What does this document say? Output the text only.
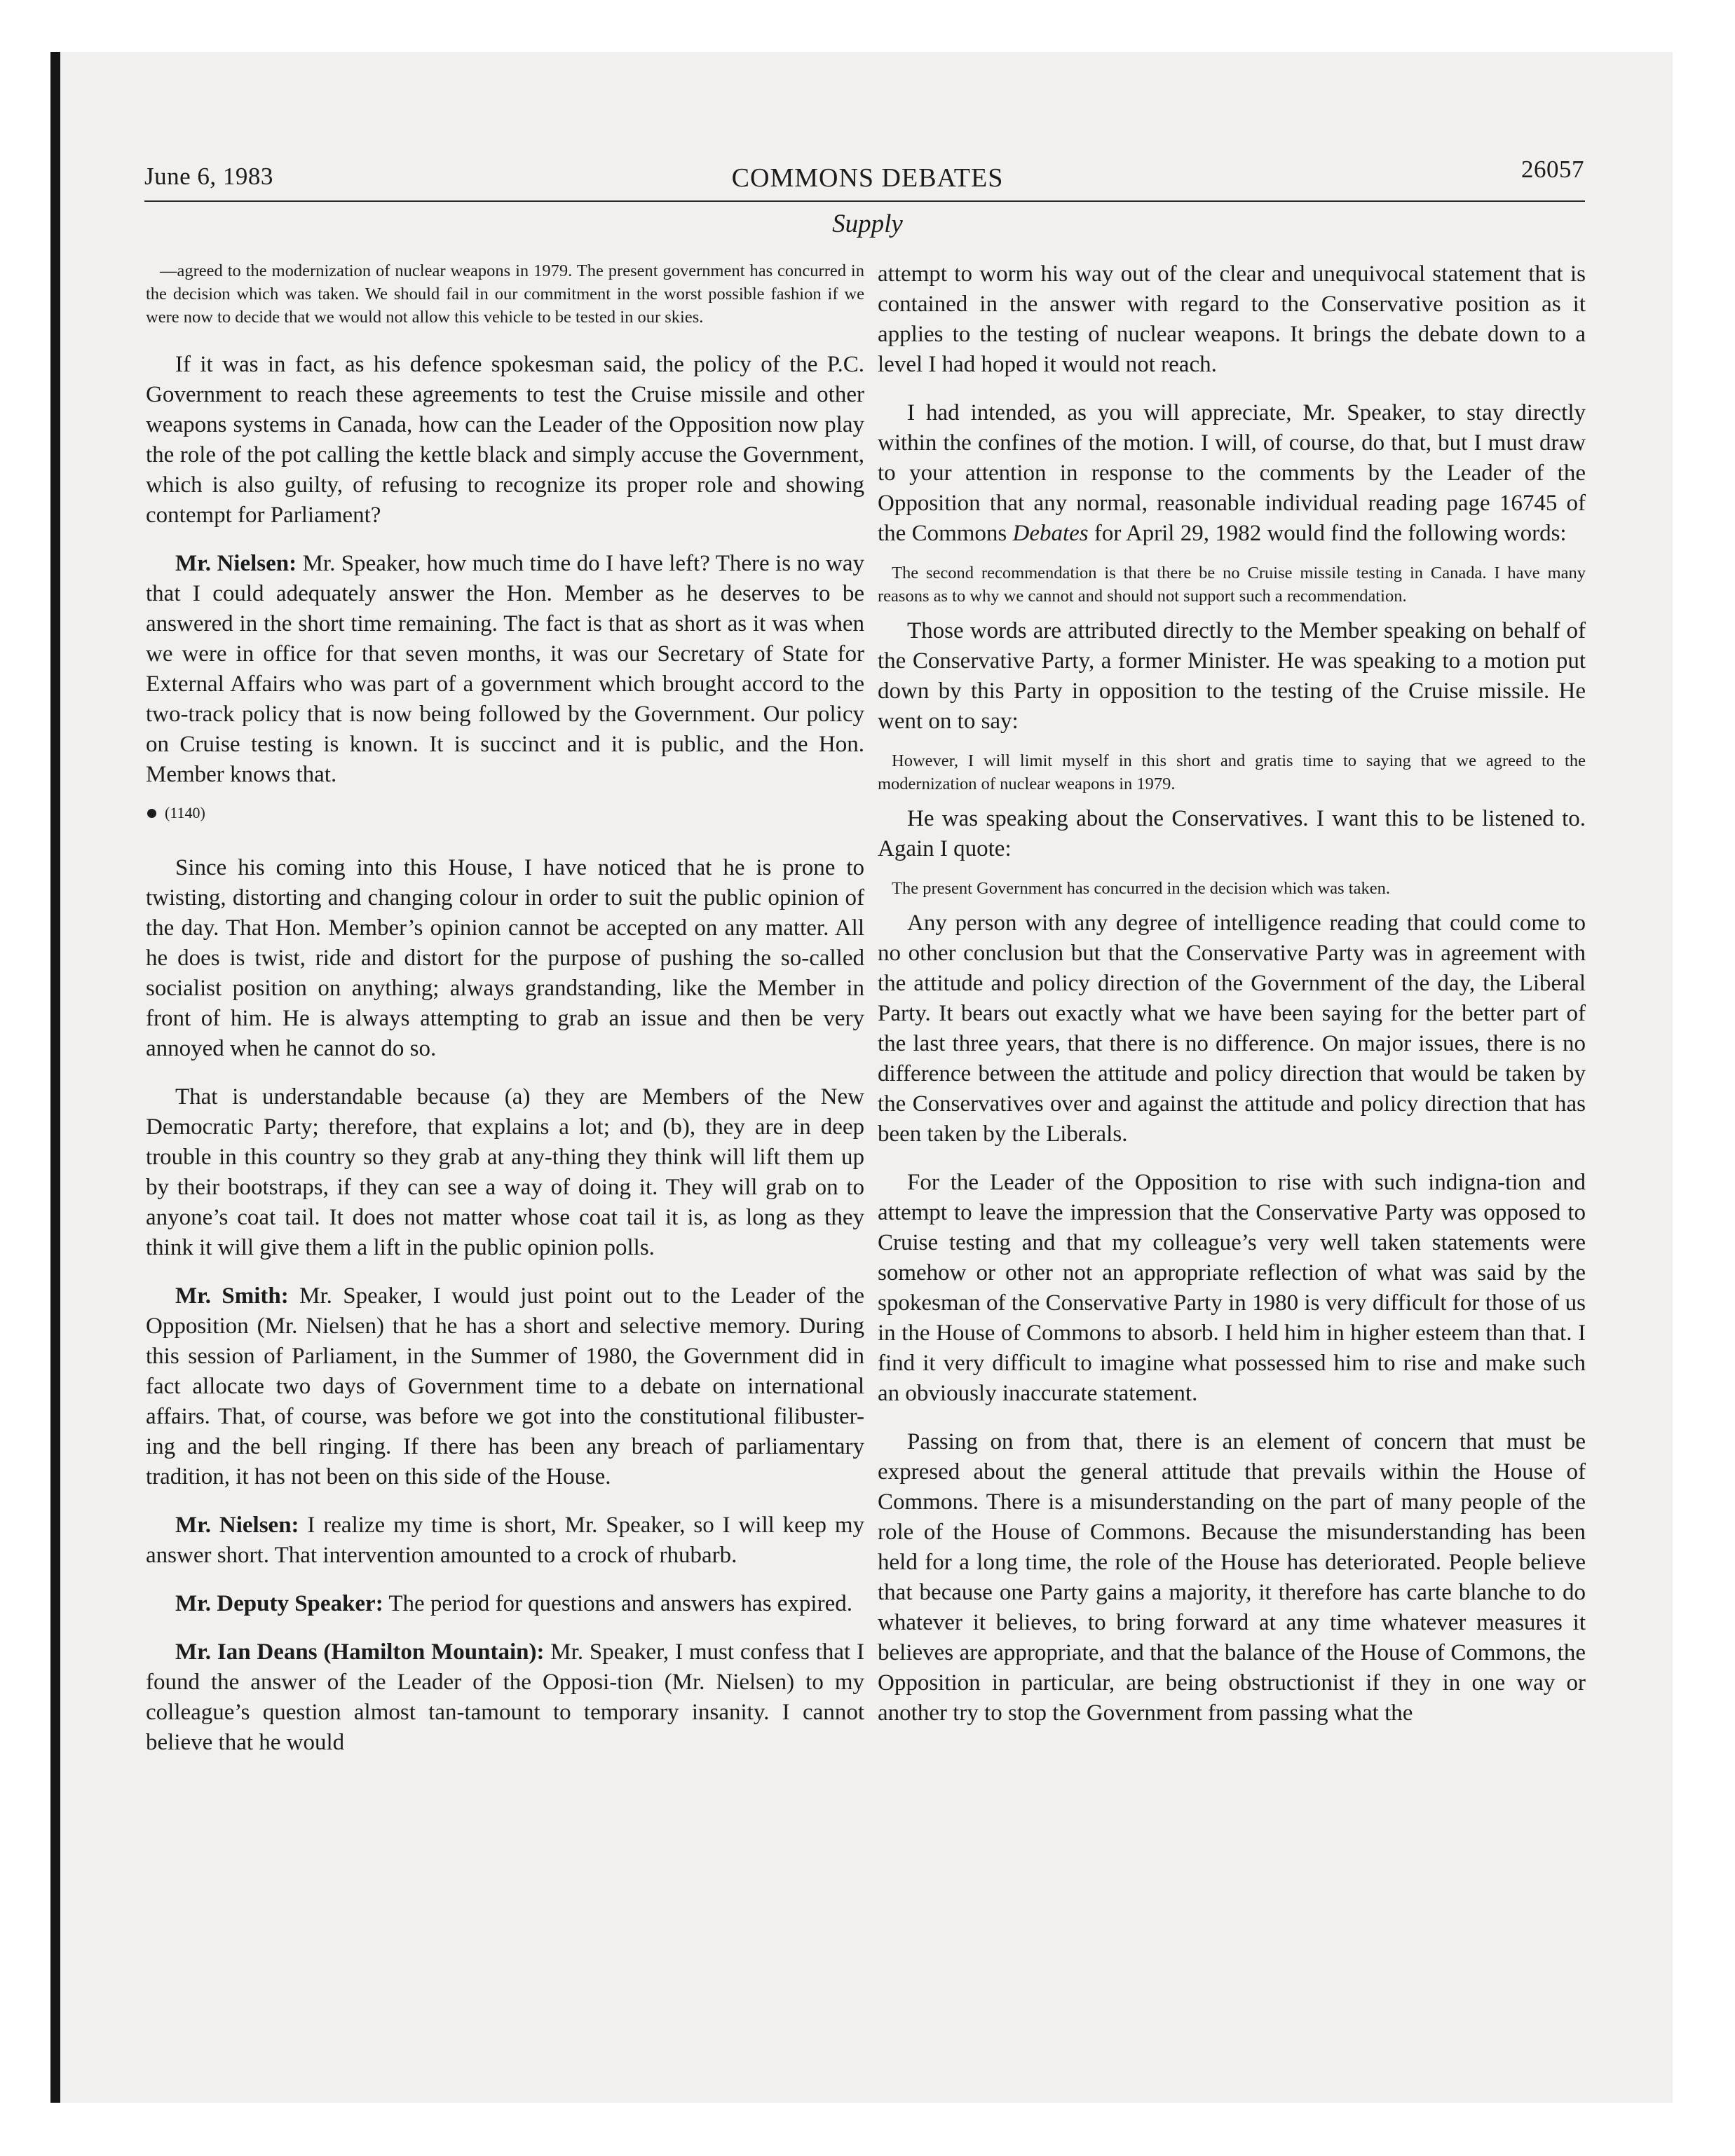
June 6, 1983	COMMONS DEBATES	26057
Supply

—agreed to the modernization of nuclear weapons in 1979. The present government has concurred in the decision which was taken. We should fail in our commitment in the worst possible fashion if we were now to decide that we would not allow this vehicle to be tested in our skies.

If it was in fact, as his defence spokesman said, the policy of the P.C. Government to reach these agreements to test the Cruise missile and other weapons systems in Canada, how can the Leader of the Opposition now play the role of the pot calling the kettle black and simply accuse the Government, which is also guilty, of refusing to recognize its proper role and showing contempt for Parliament?

Mr. Nielsen: Mr. Speaker, how much time do I have left? There is no way that I could adequately answer the Hon. Member as he deserves to be answered in the short time remaining. The fact is that as short as it was when we were in office for that seven months, it was our Secretary of State for External Affairs who was part of a government which brought accord to the two-track policy that is now being followed by the Government. Our policy on Cruise testing is known. It is succinct and it is public, and the Hon. Member knows that.

(1140)

Since his coming into this House, I have noticed that he is prone to twisting, distorting and changing colour in order to suit the public opinion of the day. That Hon. Member’s opinion cannot be accepted on any matter. All he does is twist, ride and distort for the purpose of pushing the so-called socialist position on anything; always grandstanding, like the Member in front of him. He is always attempting to grab an issue and then be very annoyed when he cannot do so.

That is understandable because (a) they are Members of the New Democratic Party; therefore, that explains a lot; and (b), they are in deep trouble in this country so they grab at any-thing they think will lift them up by their bootstraps, if they can see a way of doing it. They will grab on to anyone’s coat tail. It does not matter whose coat tail it is, as long as they think it will give them a lift in the public opinion polls.

Mr. Smith: Mr. Speaker, I would just point out to the Leader of the Opposition (Mr. Nielsen) that he has a short and selective memory. During this session of Parliament, in the Summer of 1980, the Government did in fact allocate two days of Government time to a debate on international affairs. That, of course, was before we got into the constitutional filibuster-ing and the bell ringing. If there has been any breach of parliamentary tradition, it has not been on this side of the House.

Mr. Nielsen: I realize my time is short, Mr. Speaker, so I will keep my answer short. That intervention amounted to a crock of rhubarb.

Mr. Deputy Speaker: The period for questions and answers has expired.

Mr. Ian Deans (Hamilton Mountain): Mr. Speaker, I must confess that I found the answer of the Leader of the Opposi-tion (Mr. Nielsen) to my colleague’s question almost tan-tamount to temporary insanity. I cannot believe that he would

attempt to worm his way out of the clear and unequivocal statement that is contained in the answer with regard to the Conservative position as it applies to the testing of nuclear weapons. It brings the debate down to a level I had hoped it would not reach.

I had intended, as you will appreciate, Mr. Speaker, to stay directly within the confines of the motion. I will, of course, do that, but I must draw to your attention in response to the comments by the Leader of the Opposition that any normal, reasonable individual reading page 16745 of the Commons Debates for April 29, 1982 would find the following words:

The second recommendation is that there be no Cruise missile testing in Canada. I have many reasons as to why we cannot and should not support such a recommendation.

Those words are attributed directly to the Member speaking on behalf of the Conservative Party, a former Minister. He was speaking to a motion put down by this Party in opposition to the testing of the Cruise missile. He went on to say:

However, I will limit myself in this short and gratis time to saying that we agreed to the modernization of nuclear weapons in 1979.

He was speaking about the Conservatives. I want this to be listened to. Again I quote:

The present Government has concurred in the decision which was taken.

Any person with any degree of intelligence reading that could come to no other conclusion but that the Conservative Party was in agreement with the attitude and policy direction of the Government of the day, the Liberal Party. It bears out exactly what we have been saying for the better part of the last three years, that there is no difference. On major issues, there is no difference between the attitude and policy direction that would be taken by the Conservatives over and against the attitude and policy direction that has been taken by the Liberals.

For the Leader of the Opposition to rise with such indigna-tion and attempt to leave the impression that the Conservative Party was opposed to Cruise testing and that my colleague’s very well taken statements were somehow or other not an appropriate reflection of what was said by the spokesman of the Conservative Party in 1980 is very difficult for those of us in the House of Commons to absorb. I held him in higher esteem than that. I find it very difficult to imagine what possessed him to rise and make such an obviously inaccurate statement.

Passing on from that, there is an element of concern that must be expresed about the general attitude that prevails within the House of Commons. There is a misunderstanding on the part of many people of the role of the House of Commons. Because the misunderstanding has been held for a long time, the role of the House has deteriorated. People believe that because one Party gains a majority, it therefore has carte blanche to do whatever it believes, to bring forward at any time whatever measures it believes are appropriate, and that the balance of the House of Commons, the Opposition in particular, are being obstructionist if they in one way or another try to stop the Government from passing what the
